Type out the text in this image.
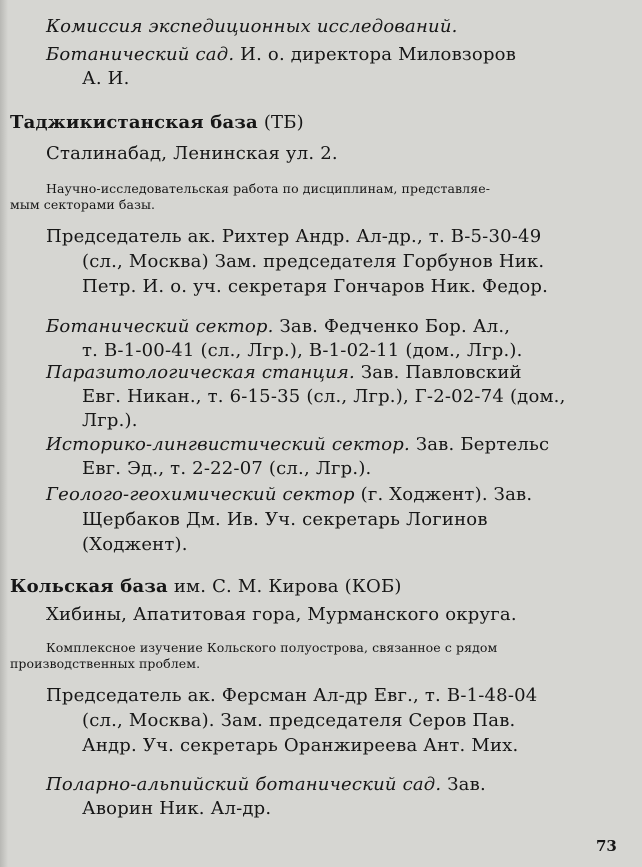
Комиссия экспедиционных исследований.
Ботанический сад. И. о. директора Миловзоров
А. И.
Таджикистанская база (ТБ)
Сталинабад, Ленинская ул. 2.
Научно-исследовательская работа по дисциплинам, представляе-
мым секторами базы.
Председатель ак. Рихтер Андр. Ал-др., т. В-5-30-49
(сл., Москва) Зам. председателя Горбунов Ник.
Петр. И. о. уч. секретаря Гончаров Ник. Федор.
Ботанический сектор. Зав. Федченко Бор. Ал.,
т. В-1-00-41 (сл., Лгр.), В-1-02-11 (дом., Лгр.).
Паразитологическая станция. Зав. Павловский
Евг. Никан., т. 6-15-35 (сл., Лгр.), Г-2-02-74 (дом.,
Лгр.).
Историко-лингвистический сектор. Зав. Бертельс
Евг. Эд., т. 2-22-07 (сл., Лгр.).
Геолого-геохимический сектор (г. Ходжент). Зав.
Щербаков Дм. Ив. Уч. секретарь Логинов
(Ходжент).
Кольская база им. С. М. Кирова (КОБ)
Хибины, Апатитовая гора, Мурманского округа.
Комплексное изучение Кольского полуострова, связанное с рядом
производственных проблем.
Председатель ак. Ферсман Ал-др Евг., т. В-1-48-04
(сл., Москва). Зам. председателя Серов Пав.
Андр. Уч. секретарь Оранжиреева Ант. Мих.
Поларно-альпийский ботанический сад. Зав.
Аворин Ник. Ал-др.
73
